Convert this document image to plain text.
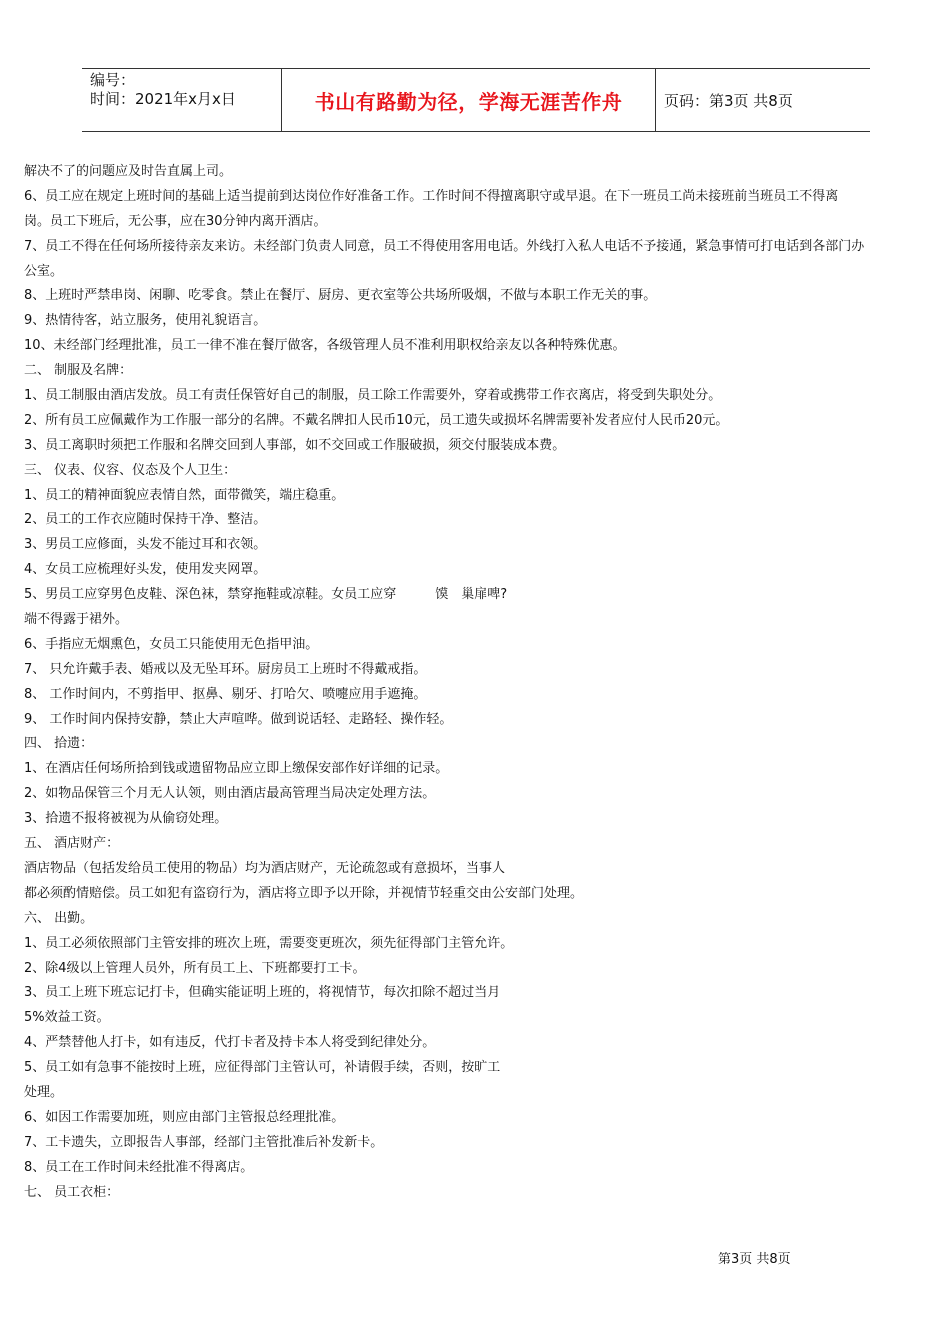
编号：
时间：2021年x月x日	书山有路勤为径，学海无涯苦作舟	页码：第3页 共8页
解决不了的问题应及时告直属上司。
6、员工应在规定上班时间的基础上适当提前到达岗位作好准备工作。工作时间不得擅离职守或早退。在下一班员工尚未接班前当班员工不得离
岗。员工下班后，无公事，应在30分钟内离开酒店。
7、员工不得在任何场所接待亲友来访。未经部门负责人同意，员工不得使用客用电话。外线打入私人电话不予接通，紧急事情可打电话到各部门办
公室。
8、上班时严禁串岗、闲聊、吃零食。禁止在餐厅、厨房、更衣室等公共场所吸烟，不做与本职工作无关的事。
9、热情待客，站立服务，使用礼貌语言。
10、未经部门经理批准，员工一律不准在餐厅做客，各级管理人员不准利用职权给亲友以各种特殊优惠。
二、 制服及名牌：
1、员工制服由酒店发放。员工有责任保管好自己的制服，员工除工作需要外，穿着或携带工作衣离店，将受到失职处分。
2、所有员工应佩戴作为工作服一部分的名牌。不戴名牌扣人民币10元，员工遗失或损坏名牌需要补发者应付人民币20元。
3、员工离职时须把工作服和名牌交回到人事部，如不交回或工作服破损，须交付服装成本费。
三、 仪表、仪容、仪态及个人卫生：
1、员工的精神面貌应表情自然，面带微笑，端庄稳重。
2、员工的工作衣应随时保持干净、整洁。
3、男员工应修面，头发不能过耳和衣领。
4、女员工应梳理好头发，使用发夹网罩。
5、男员工应穿男色皮鞋、深色袜，禁穿拖鞋或凉鞋。女员工应穿　　　馍　巢扉啤?
端不得露于裙外。
6、手指应无烟熏色，女员工只能使用无色指甲油。
7、 只允许戴手表、婚戒以及无坠耳环。厨房员工上班时不得戴戒指。
8、 工作时间内，不剪指甲、抠鼻、剔牙、打哈欠、喷嚏应用手遮掩。
9、 工作时间内保持安静，禁止大声喧哗。做到说话轻、走路轻、操作轻。
四、 拾遗：
1、在酒店任何场所拾到钱或遗留物品应立即上缴保安部作好详细的记录。
2、如物品保管三个月无人认领，则由酒店最高管理当局决定处理方法。
3、拾遗不报将被视为从偷窃处理。
五、 酒店财产：
酒店物品（包括发给员工使用的物品）均为酒店财产，无论疏忽或有意损坏，当事人
都必须酌情赔偿。员工如犯有盗窃行为，酒店将立即予以开除，并视情节轻重交由公安部门处理。
六、 出勤。
1、员工必须依照部门主管安排的班次上班，需要变更班次，须先征得部门主管允许。
2、除4级以上管理人员外，所有员工上、下班都要打工卡。
3、员工上班下班忘记打卡，但确实能证明上班的，将视情节，每次扣除不超过当月
5%效益工资。
4、严禁替他人打卡，如有违反，代打卡者及持卡本人将受到纪律处分。
5、员工如有急事不能按时上班，应征得部门主管认可，补请假手续，否则，按旷工
处理。
6、如因工作需要加班，则应由部门主管报总经理批准。
7、工卡遗失，立即报告人事部，经部门主管批准后补发新卡。
8、员工在工作时间未经批准不得离店。
七、 员工衣柜：
第3页 共8页
